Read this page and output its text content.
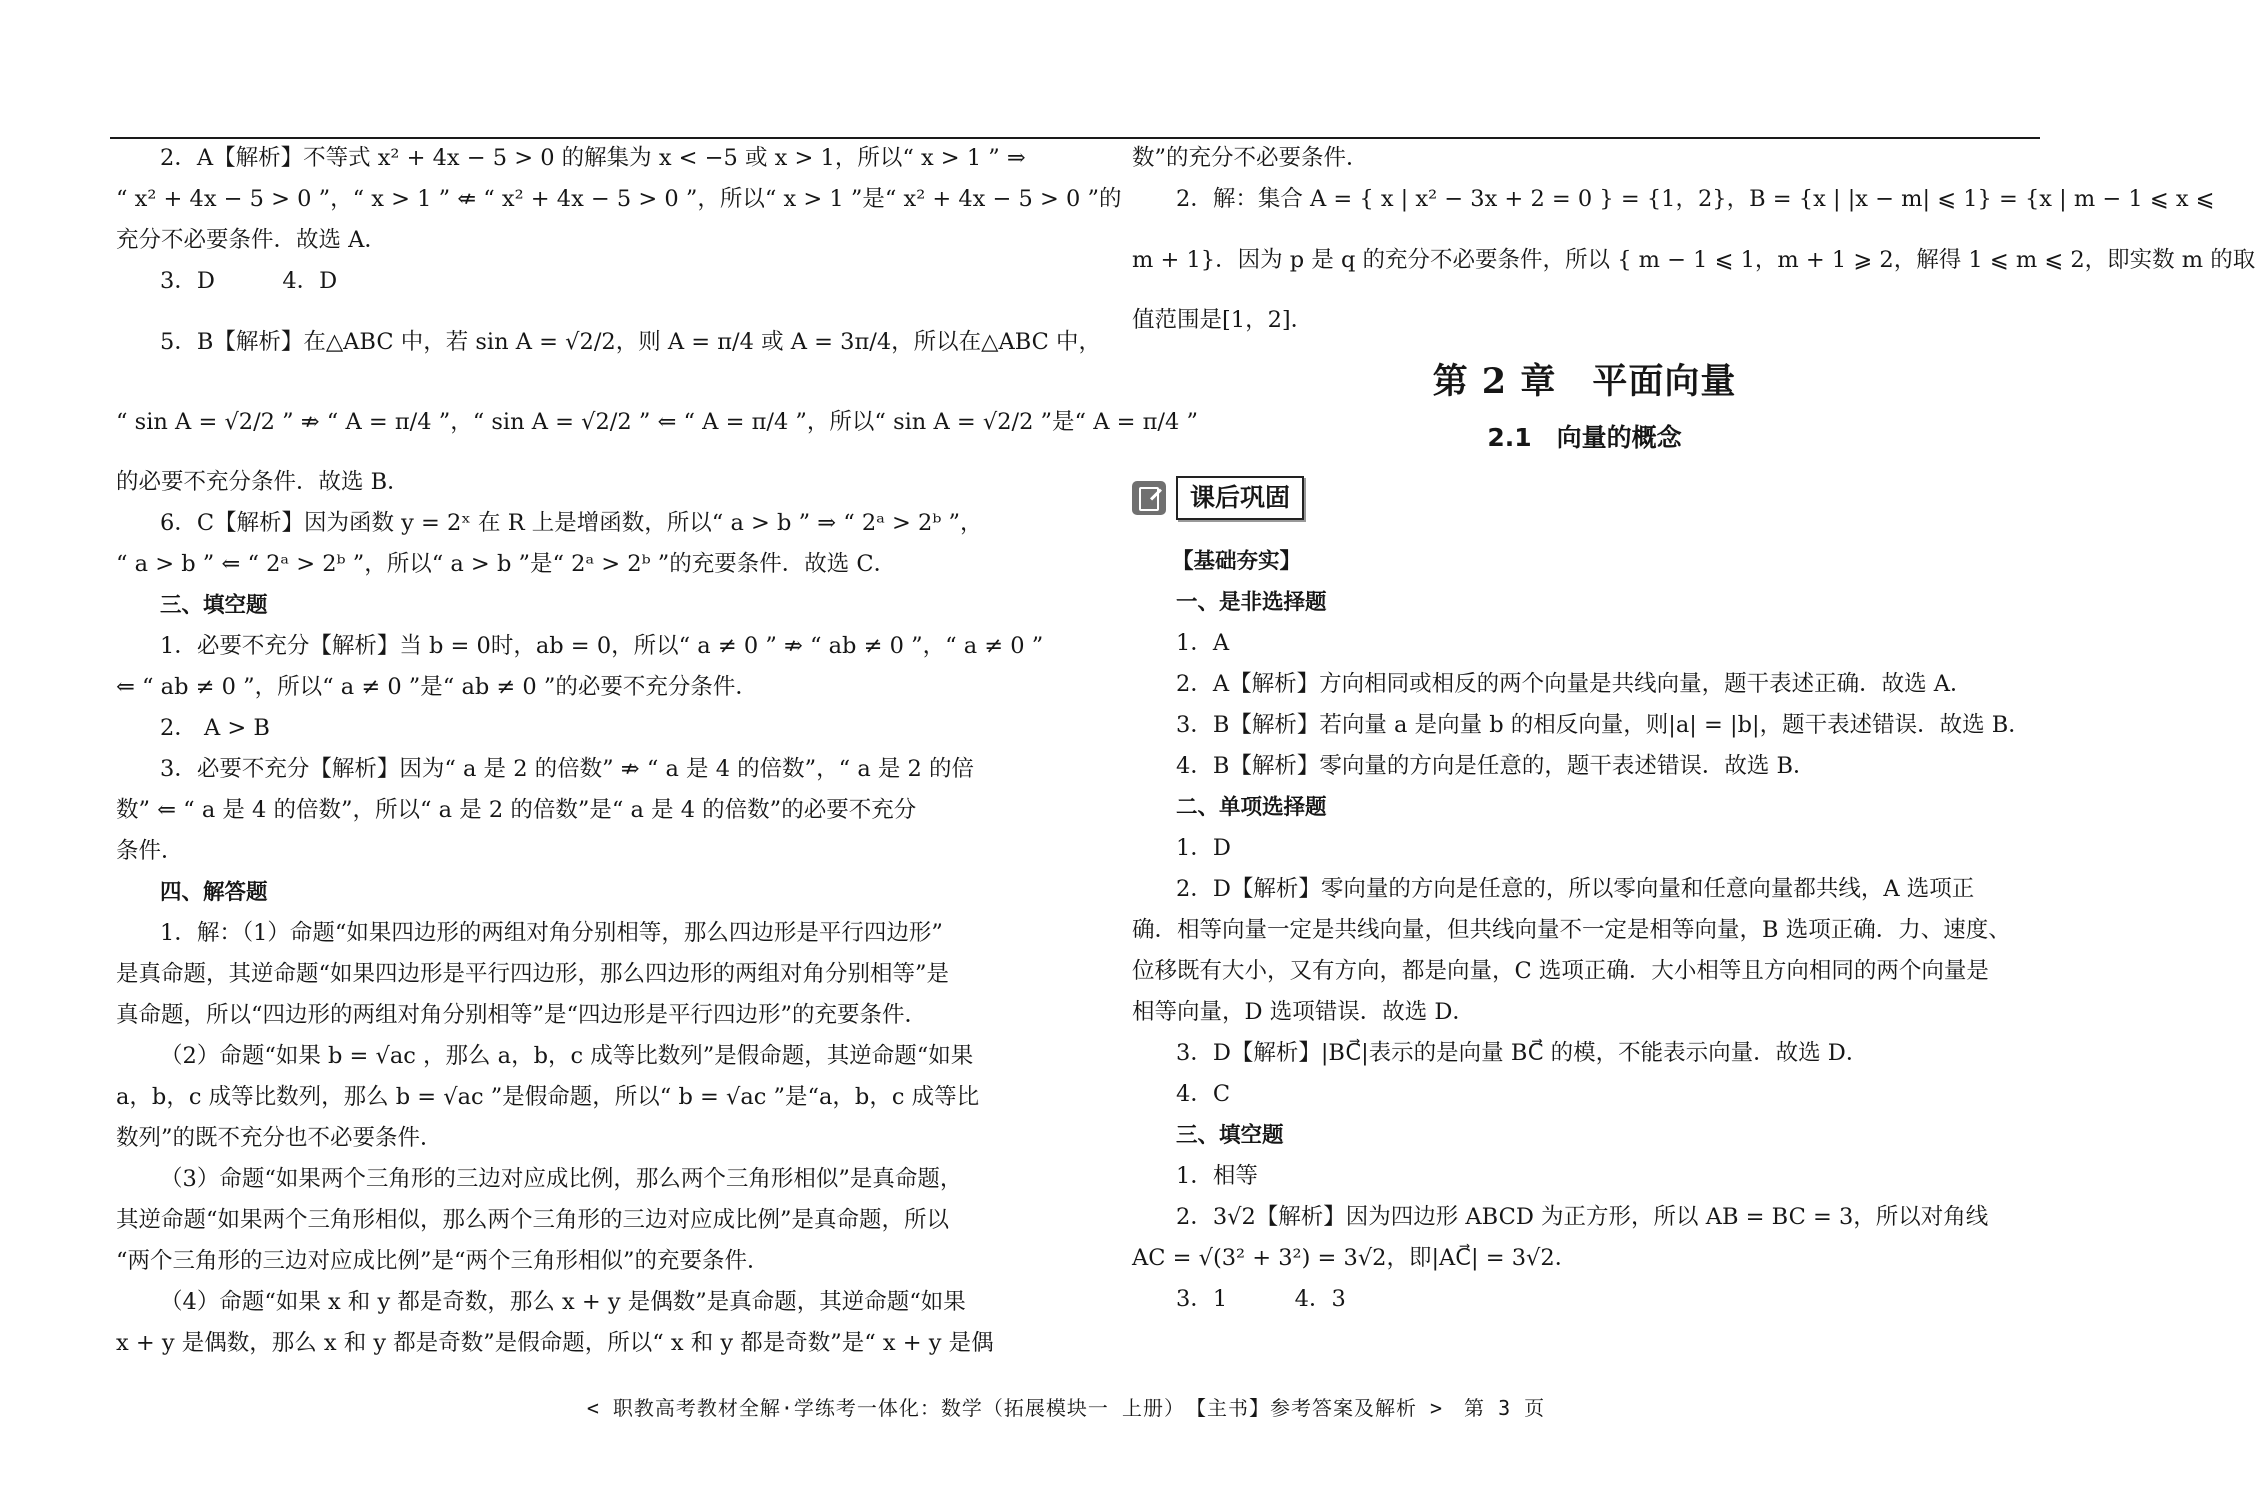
2．A【解析】不等式 x² + 4x − 5 > 0 的解集为 x < −5 或 x > 1，所以“ x > 1 ” ⇒

“ x² + 4x − 5 > 0 ”，“ x > 1 ” ⇍ “ x² + 4x − 5 > 0 ”，所以“ x > 1 ”是“ x² + 4x − 5 > 0 ”的

充分不必要条件．故选 A．

3．D　　　4．D

5．B【解析】在△ABC 中，若 sin A = √2/2，则 A = π/4 或 A = 3π/4，所以在△ABC 中，

“ sin A = √2/2 ” ⇏ “ A = π/4 ”，“ sin A = √2/2 ” ⇐ “ A = π/4 ”，所以“ sin A = √2/2 ”是“ A = π/4 ”

的必要不充分条件．故选 B．

6．C【解析】因为函数 y = 2ˣ 在 R 上是增函数，所以“ a > b ” ⇒ “ 2ᵃ > 2ᵇ ”，

“ a > b ” ⇐ “ 2ᵃ > 2ᵇ ”，所以“ a > b ”是“ 2ᵃ > 2ᵇ ”的充要条件．故选 C．

三、填空题

1．必要不充分【解析】当 b = 0时，ab = 0，所以“ a ≠ 0 ” ⇏ “ ab ≠ 0 ”，“ a ≠ 0 ”

⇐ “ ab ≠ 0 ”，所以“ a ≠ 0 ”是“ ab ≠ 0 ”的必要不充分条件．

2． A > B

3．必要不充分【解析】因为“ a 是 2 的倍数” ⇏ “ a 是 4 的倍数”，“ a 是 2 的倍

数” ⇐ “ a 是 4 的倍数”，所以“ a 是 2 的倍数”是“ a 是 4 的倍数”的必要不充分

条件．

四、解答题

1．解：（1）命题“如果四边形的两组对角分别相等，那么四边形是平行四边形”

是真命题，其逆命题“如果四边形是平行四边形，那么四边形的两组对角分别相等”是

真命题，所以“四边形的两组对角分别相等”是“四边形是平行四边形”的充要条件．

（2）命题“如果 b = √ac ，那么 a，b，c 成等比数列”是假命题，其逆命题“如果

a，b，c 成等比数列，那么 b = √ac ”是假命题，所以“ b = √ac ”是“a，b，c 成等比

数列”的既不充分也不必要条件．

（3）命题“如果两个三角形的三边对应成比例，那么两个三角形相似”是真命题，

其逆命题“如果两个三角形相似，那么两个三角形的三边对应成比例”是真命题，所以

“两个三角形的三边对应成比例”是“两个三角形相似”的充要条件．

（4）命题“如果 x 和 y 都是奇数，那么 x + y 是偶数”是真命题，其逆命题“如果

x + y 是偶数，那么 x 和 y 都是奇数”是假命题，所以“ x 和 y 都是奇数”是“ x + y 是偶

数”的充分不必要条件．

2．解：集合 A = { x | x² − 3x + 2 = 0 } = {1，2}，B = {x | |x − m| ⩽ 1} = {x | m − 1 ⩽ x ⩽

m + 1}．因为 p 是 q 的充分不必要条件，所以 { m − 1 ⩽ 1，m + 1 ⩾ 2，解得 1 ⩽ m ⩽ 2，即实数 m 的取

值范围是[1，2]．

第 2 章　平面向量

2.1　向量的概念

课后巩固

【基础夯实】

一、是非选择题

1．A

2．A【解析】方向相同或相反的两个向量是共线向量，题干表述正确．故选 A．

3．B【解析】若向量 a 是向量 b 的相反向量，则|a| = |b|，题干表述错误．故选 B．

4．B【解析】零向量的方向是任意的，题干表述错误．故选 B．

二、单项选择题

1．D

2．D【解析】零向量的方向是任意的，所以零向量和任意向量都共线，A 选项正

确．相等向量一定是共线向量，但共线向量不一定是相等向量，B 选项正确．力、速度、

位移既有大小，又有方向，都是向量，C 选项正确．大小相等且方向相同的两个向量是

相等向量，D 选项错误．故选 D．

3．D【解析】|BC⃗|表示的是向量 BC⃗ 的模，不能表示向量．故选 D．

4．C

三、填空题

1．相等

2．3√2【解析】因为四边形 ABCD 为正方形，所以 AB = BC = 3，所以对角线

AC = √(3² + 3²) = 3√2，即|AC⃗| = 3√2．

3．1　　　4．3

< 职教高考教材全解·学练考一体化：数学（拓展模块一 上册）　【主书】参考答案及解析 >　第 3 页
